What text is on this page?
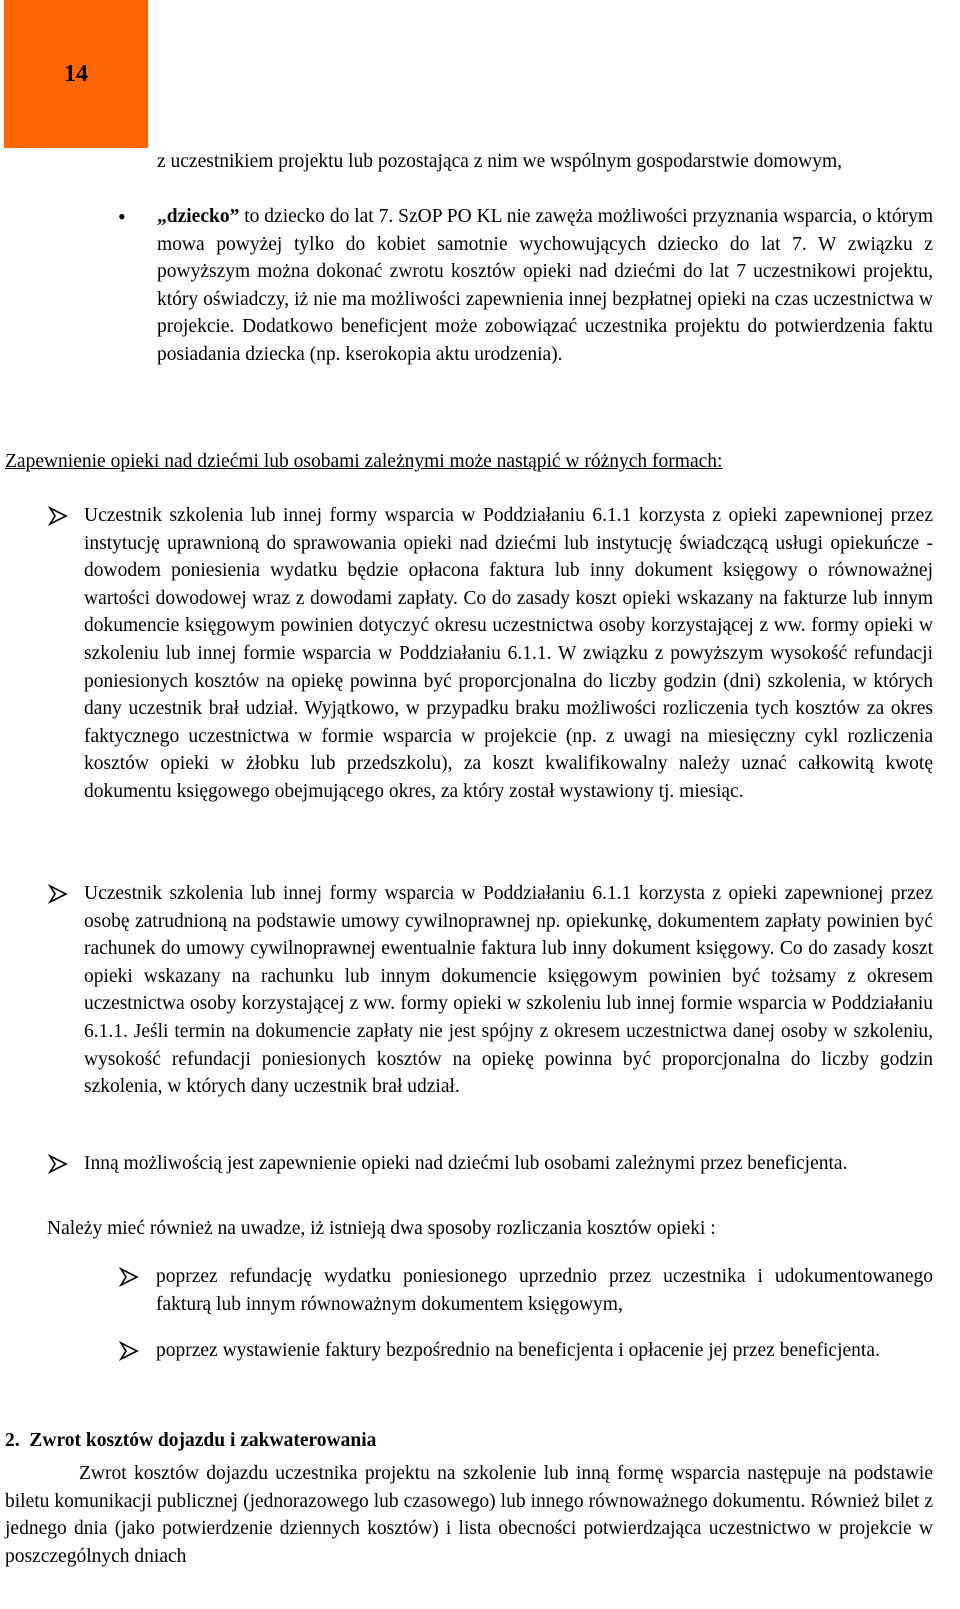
14

z uczestnikiem projektu lub pozostająca z nim we wspólnym gospodarstwie domowym,

• „dziecko” to dziecko do lat 7. SzOP PO KL nie zawęża możliwości przyznania wsparcia, o którym mowa powyżej tylko do kobiet samotnie wychowujących dziecko do lat 7. W związku z powyższym można dokonać zwrotu kosztów opieki nad dziećmi do lat 7 uczestnikowi projektu, który oświadczy, iż nie ma możliwości zapewnienia innej bezpłatnej opieki na czas uczestnictwa w projekcie. Dodatkowo beneficjent może zobowiązać uczestnika projektu do potwierdzenia faktu posiadania dziecka (np. kserokopia aktu urodzenia).

Zapewnienie opieki nad dziećmi lub osobami zależnymi może nastąpić w różnych formach:

Uczestnik szkolenia lub innej formy wsparcia w Poddziałaniu 6.1.1 korzysta z opieki zapewnionej przez instytucję uprawnioną do sprawowania opieki nad dziećmi lub instytucję świadczącą usługi opiekuńcze - dowodem poniesienia wydatku będzie opłacona faktura lub inny dokument księgowy o równoważnej wartości dowodowej wraz z dowodami zapłaty. Co do zasady koszt opieki wskazany na fakturze lub innym dokumencie księgowym powinien dotyczyć okresu uczestnictwa osoby korzystającej z ww. formy opieki w szkoleniu lub innej formie wsparcia w Poddziałaniu 6.1.1. W związku z powyższym wysokość refundacji poniesionych kosztów na opiekę powinna być proporcjonalna do liczby godzin (dni) szkolenia, w których dany uczestnik brał udział. Wyjątkowo, w przypadku braku możliwości rozliczenia tych kosztów za okres faktycznego uczestnictwa w formie wsparcia w projekcie (np. z uwagi na miesięczny cykl rozliczenia kosztów opieki w żłobku lub przedszkolu), za koszt kwalifikowalny należy uznać całkowitą kwotę dokumentu księgowego obejmującego okres, za który został wystawiony tj. miesiąc.

Uczestnik szkolenia lub innej formy wsparcia w Poddziałaniu 6.1.1 korzysta z opieki zapewnionej przez osobę zatrudnioną na podstawie umowy cywilnoprawnej np. opiekunkę, dokumentem zapłaty powinien być rachunek do umowy cywilnoprawnej ewentualnie faktura lub inny dokument księgowy. Co do zasady koszt opieki wskazany na rachunku lub innym dokumencie księgowym powinien być tożsamy z okresem uczestnictwa osoby korzystającej z ww. formy opieki w szkoleniu lub innej formie wsparcia w Poddziałaniu 6.1.1. Jeśli termin na dokumencie zapłaty nie jest spójny z okresem uczestnictwa danej osoby w szkoleniu, wysokość refundacji poniesionych kosztów na opiekę powinna być proporcjonalna do liczby godzin szkolenia, w których dany uczestnik brał udział.

Inną możliwością jest zapewnienie opieki nad dziećmi lub osobami zależnymi przez beneficjenta.

Należy mieć również na uwadze, iż istnieją dwa sposoby rozliczania kosztów opieki :

poprzez refundację wydatku poniesionego uprzednio przez uczestnika i udokumentowanego fakturą lub innym równoważnym dokumentem księgowym,

poprzez wystawienie faktury bezpośrednio na beneficjenta i opłacenie jej przez beneficjenta.

2. Zwrot kosztów dojazdu i zakwaterowania

Zwrot kosztów dojazdu uczestnika projektu na szkolenie lub inną formę wsparcia następuje na podstawie biletu komunikacji publicznej (jednorazowego lub czasowego) lub innego równoważnego dokumentu. Również bilet z jednego dnia (jako potwierdzenie dziennych kosztów) i lista obecności potwierdzająca uczestnictwo w projekcie w poszczególnych dniach
